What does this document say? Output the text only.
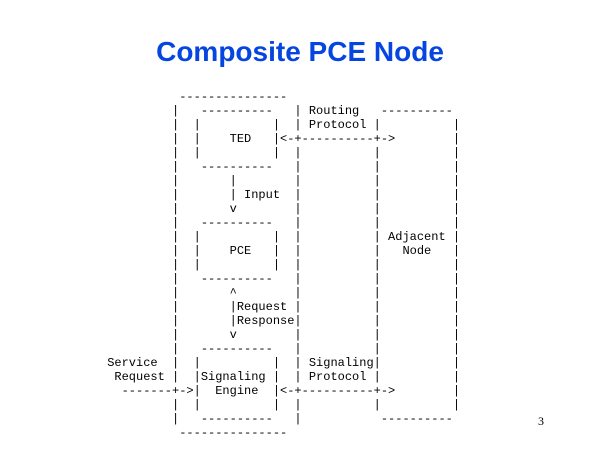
Composite PCE Node
---------------
|   ----------   | Routing   ----------
|  |          |  | Protocol |          |
|  |    TED   |<-+----------+->        |
|  |          |  |          |          |
|   ----------   |          |          |
|       |        |          |          |
|       | Input  |          |          |
|       v        |          |          |
|   ----------   |          |          |
|  |          |  |          | Adjacent |
|  |    PCE   |  |          |   Node   |
|  |          |  |          |          |
|   ----------   |          |          |
|       ^        |          |          |
|       |Request |          |          |
|       |Response|          |          |
|       v        |          |          |
|   ----------   |          |          |
Service  |  |          |  | Signaling|          |
Request |  |Signaling |  | Protocol |          |
-------+->|  Engine  |<-+----------+->        |
|  |          |  |          |          |
|   ----------   |           ----------
---------------
3
